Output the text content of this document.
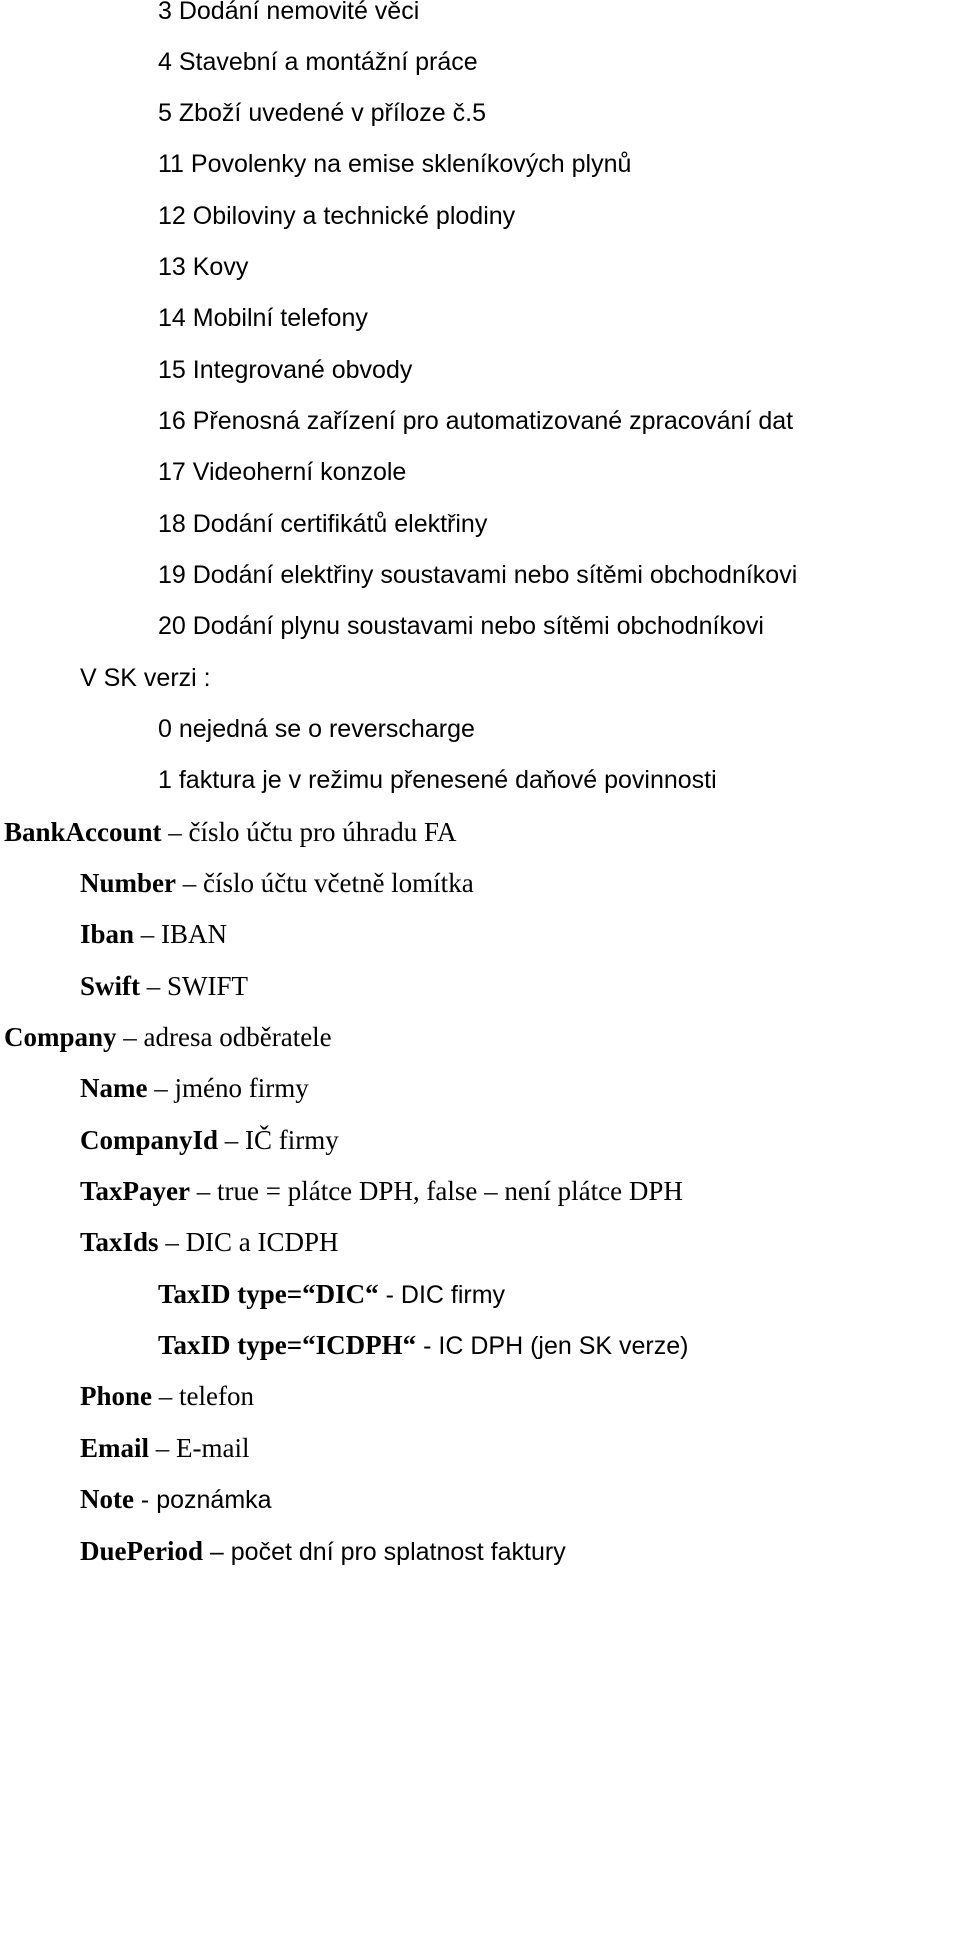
3 Dodání nemovité věci
4 Stavební a montážní práce
5 Zboží uvedené v příloze č.5
11 Povolenky na emise skleníkových plynů
12 Obiloviny a technické plodiny
13 Kovy
14 Mobilní telefony
15 Integrované obvody
16 Přenosná zařízení pro automatizované zpracování dat
17 Videoherní konzole
18 Dodání certifikátů elektřiny
19 Dodání elektřiny soustavami nebo sítěmi obchodníkovi
20 Dodání plynu soustavami nebo sítěmi obchodníkovi
V SK verzi :
0 nejedná se o reverscharge
1 faktura je v režimu přenesené daňové povinnosti
BankAccount – číslo účtu pro úhradu FA
Number – číslo účtu včetně lomítka
Iban – IBAN
Swift – SWIFT
Company – adresa odběratele
Name – jméno firmy
CompanyId – IČ firmy
TaxPayer – true = plátce DPH, false – není plátce DPH
TaxIds – DIC a ICDPH
TaxID type=“DIC“ - DIC firmy
TaxID type=“ICDPH“ - IC DPH (jen SK verze)
Phone – telefon
Email – E-mail
Note - poznámka
DuePeriod – počet dní pro splatnost faktury
